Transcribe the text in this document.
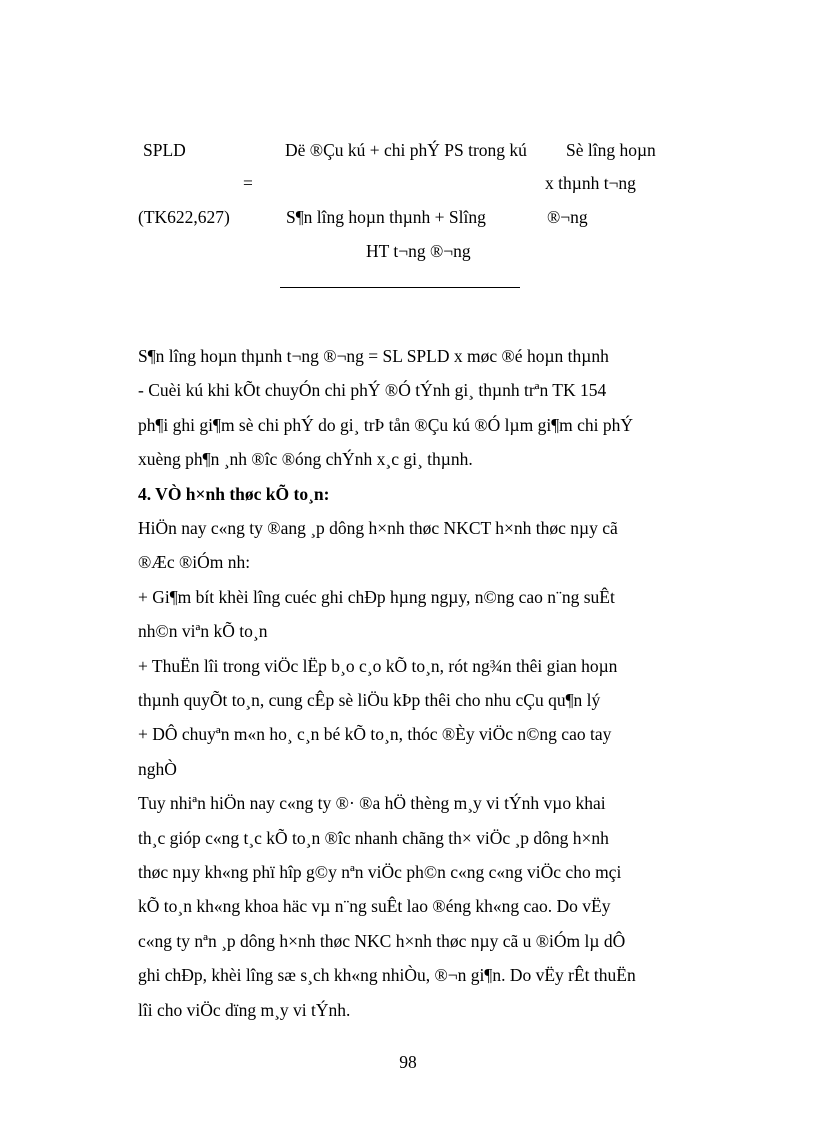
SPLD
(TK622,627)
=
Dë ®Çu kú + chi phÝ PS trong kú
S¶n lîng hoµn thµnh + Slîng
HT t¬ng ®¬ng
Sè lîng hoµn
x thµnh t¬ng
®¬ng
S¶n lîng hoµn thµnh t¬ng ®¬ng = SL SPLD x møc ®é hoµn thµnh
- Cuèi kú khi kÕt chuyÓn chi phÝ ®Ó tÝnh gi¸ thµnh trªn TK 154
ph¶i ghi gi¶m sè chi phÝ do gi¸ trÞ tån ®Çu kú ®Ó lµm gi¶m chi phÝ
xuèng ph¶n ¸nh ®îc ®óng chÝnh x¸c gi¸ thµnh.
4. VÒ h×nh thøc kÕ to¸n:
HiÖn nay c«ng ty ®ang ¸p dông h×nh thøc NKCT h×nh thøc nµy cã
®Æc ®iÓm nh:
+ Gi¶m bít khèi lîng cuéc ghi chÐp hµng ngµy, n©ng cao n¨ng suÊt
nh©n viªn kÕ to¸n
+ ThuËn lîi trong viÖc lËp b¸o c¸o kÕ to¸n, rót ng¾n thêi gian hoµn
thµnh quyÕt to¸n, cung cÊp sè liÖu kÞp thêi cho nhu cÇu qu¶n lý
+ DÔ chuyªn m«n ho¸ c¸n bé kÕ to¸n, thóc ®Èy viÖc n©ng cao tay
nghÒ
Tuy nhiªn hiÖn nay c«ng ty ®· ®a hÖ thèng m¸y vi tÝnh vµo khai
th¸c gióp c«ng t¸c kÕ to¸n ®îc nhanh chãng th× viÖc ¸p dông h×nh
thøc nµy kh«ng phï hîp g©y nªn viÖc ph©n c«ng c«ng viÖc cho mçi
kÕ to¸n kh«ng khoa häc vµ n¨ng suÊt lao ®éng kh«ng cao. Do vËy
c«ng ty nªn ¸p dông h×nh thøc NKC h×nh thøc nµy cã u ®iÓm lµ dÔ
ghi chÐp, khèi lîng sæ s¸ch kh«ng nhiÒu, ®¬n gi¶n. Do vËy rÊt thuËn
lîi cho viÖc dïng m¸y vi tÝnh.
98
